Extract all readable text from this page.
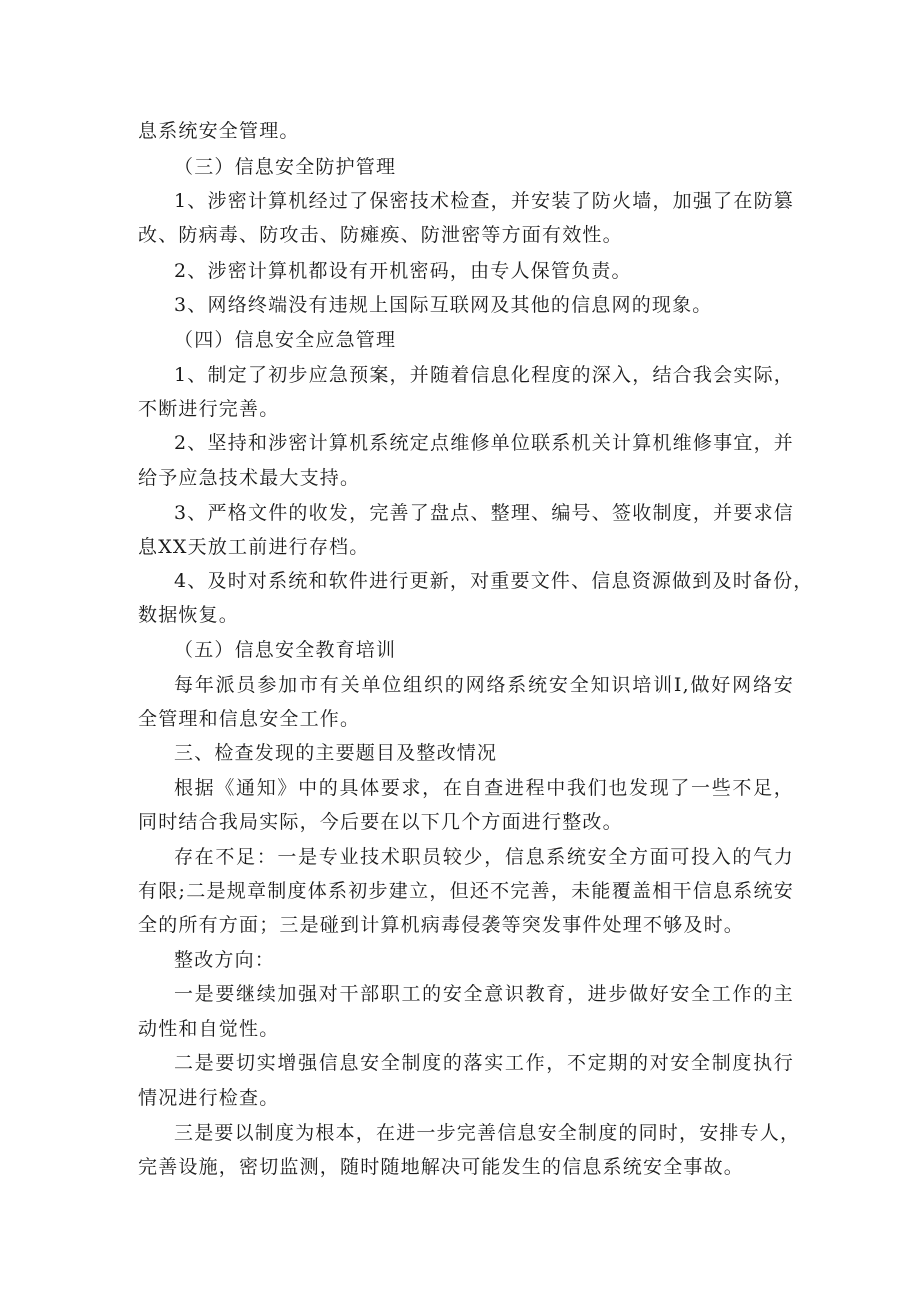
息系统安全管理。
（三）信息安全防护管理
1、涉密计算机经过了保密技术检查，并安装了防火墙，加强了在防篡
改、防病毒、防攻击、防瘫痪、防泄密等方面有效性。
2、涉密计算机都设有开机密码，由专人保管负责。
3、网络终端没有违规上国际互联网及其他的信息网的现象。
（四）信息安全应急管理
1、制定了初步应急预案，并随着信息化程度的深入，结合我会实际，
不断进行完善。
2、坚持和涉密计算机系统定点维修单位联系机关计算机维修事宜，并
给予应急技术最大支持。
3、严格文件的收发，完善了盘点、整理、编号、签收制度，并要求信
息XX天放工前进行存档。
4、及时对系统和软件进行更新，对重要文件、信息资源做到及时备份，
数据恢复。
（五）信息安全教育培训
每年派员参加市有关单位组织的网络系统安全知识培训I,做好网络安
全管理和信息安全工作。
三、检查发现的主要题目及整改情况
根据《通知》中的具体要求，在自查进程中我们也发现了一些不足，
同时结合我局实际，今后要在以下几个方面进行整改。
存在不足：一是专业技术职员较少，信息系统安全方面可投入的气力
有限;二是规章制度体系初步建立，但还不完善，未能覆盖相干信息系统安
全的所有方面；三是碰到计算机病毒侵袭等突发事件处理不够及时。
整改方向：
一是要继续加强对干部职工的安全意识教育，进步做好安全工作的主
动性和自觉性。
二是要切实增强信息安全制度的落实工作，不定期的对安全制度执行
情况进行检查。
三是要以制度为根本，在进一步完善信息安全制度的同时，安排专人，
完善设施，密切监测，随时随地解决可能发生的信息系统安全事故。
